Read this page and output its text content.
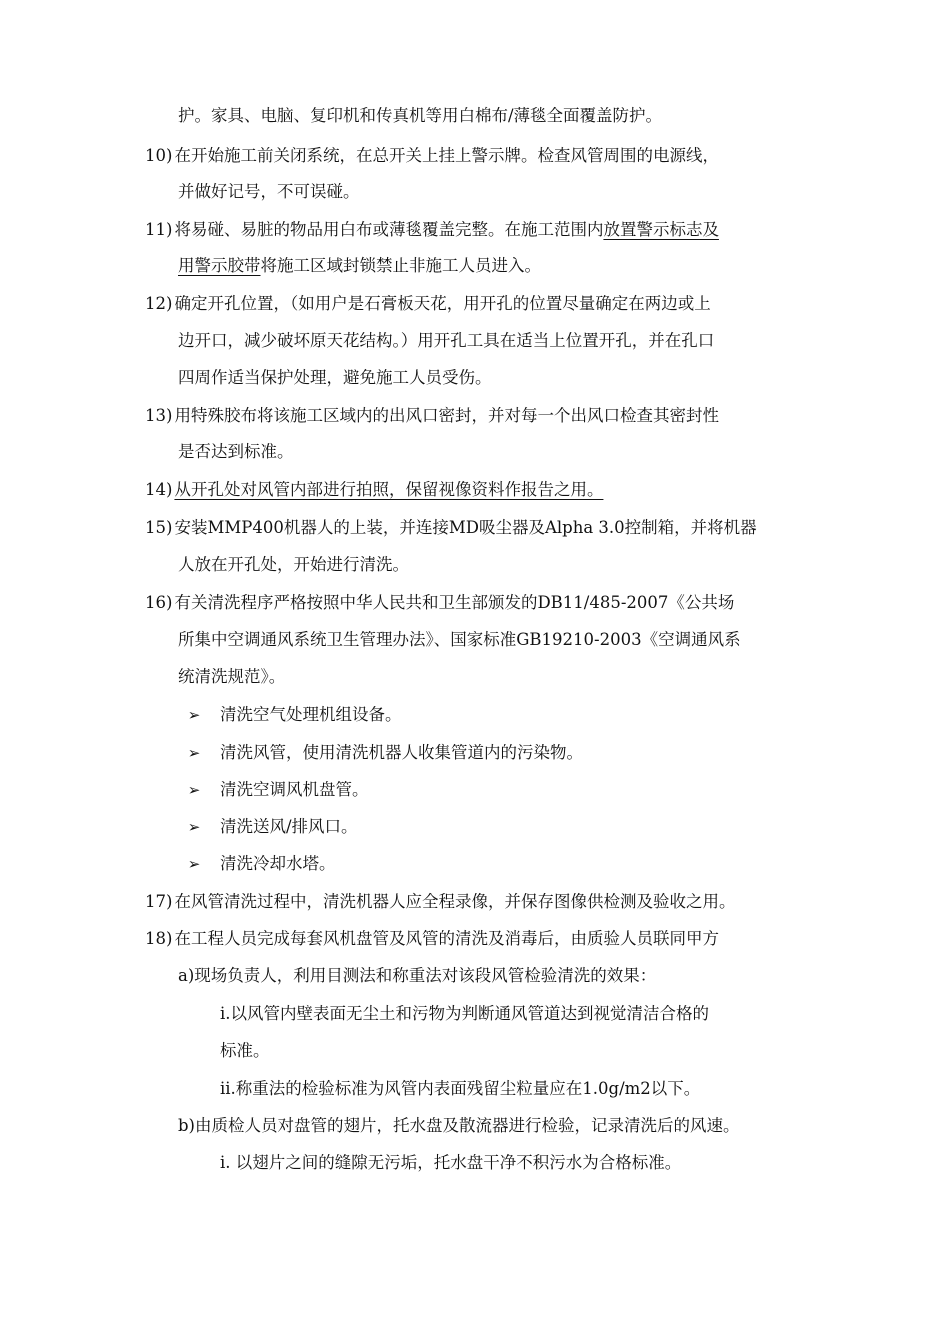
护。家具、电脑、复印机和传真机等用白棉布/薄毯全面覆盖防护。
10) 在开始施工前关闭系统，在总开关上挂上警示牌。检查风管周围的电源线，
并做好记号，不可误碰。
11) 将易碰、易脏的物品用白布或薄毯覆盖完整。在施工范围内放置警示标志及
用警示胶带将施工区域封锁禁止非施工人员进入。
12) 确定开孔位置，（如用户是石膏板天花，用开孔的位置尽量确定在两边或上
边开口，减少破坏原天花结构。）用开孔工具在适当上位置开孔，并在孔口
四周作适当保护处理，避免施工人员受伤。
13) 用特殊胶布将该施工区域内的出风口密封，并对每一个出风口检查其密封性
是否达到标准。
14) 从开孔处对风管内部进行拍照，保留视像资料作报告之用。
15) 安装MMP400机器人的上装，并连接MD吸尘器及Alpha 3.0控制箱，并将机器
人放在开孔处，开始进行清洗。
16) 有关清洗程序严格按照中华人民共和卫生部颁发的DB11/485-2007《公共场
所集中空调通风系统卫生管理办法》、国家标准GB19210-2003《空调通风系
统清洗规范》。
➢ 清洗空气处理机组设备。
➢ 清洗风管，使用清洗机器人收集管道内的污染物。
➢ 清洗空调风机盘管。
➢ 清洗送风/排风口。
➢ 清洗冷却水塔。
17) 在风管清洗过程中，清洗机器人应全程录像，并保存图像供检测及验收之用。
18) 在工程人员完成每套风机盘管及风管的清洗及消毒后，由质验人员联同甲方
a)现场负责人，利用目测法和称重法对该段风管检验清洗的效果：
i.以风管内壁表面无尘土和污物为判断通风管道达到视觉清洁合格的
标准。
ii.称重法的检验标准为风管内表面残留尘粒量应在1.0g/m2以下。
b)由质检人员对盘管的翅片，托水盘及散流器进行检验，记录清洗后的风速。
i. 以翅片之间的缝隙无污垢，托水盘干净不积污水为合格标准。
